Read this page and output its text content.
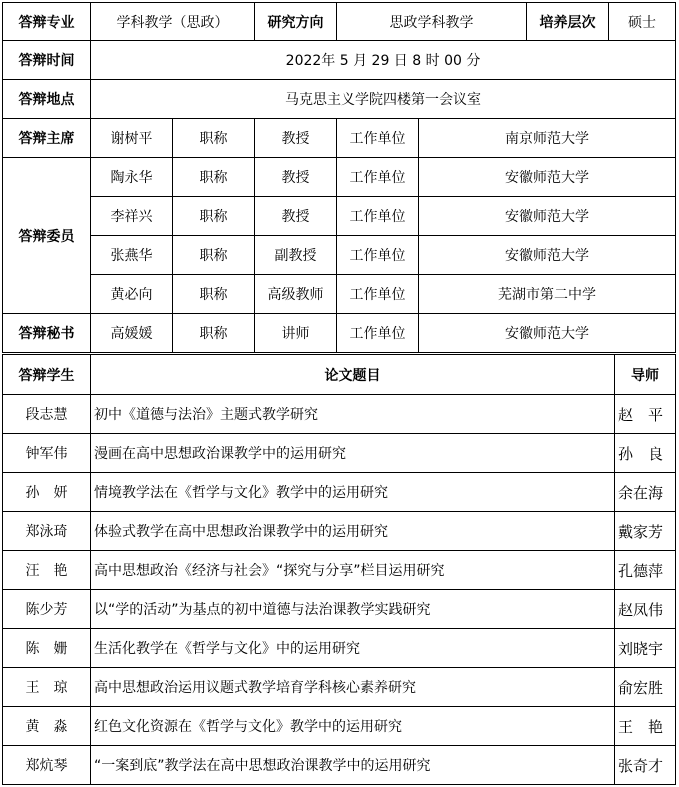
答辩专业	学科教学（思政）		研究方向	思政学科教学		培养层次	硕士
答辩时间	2022年 5 月 29 日 8 时 00 分						
答辩地点	马克思主义学院四楼第一会议室						
答辩主席	谢树平	职称	教授	工作单位	南京师范大学		
答辩委员	陶永华	职称	教授	工作单位	安徽师范大学		
	李祥兴	职称	教授	工作单位	安徽师范大学		
	张燕华	职称	副教授	工作单位	安徽师范大学		
	黄必向	职称	高级教师	工作单位	芜湖市第二中学		
答辩秘书	高媛媛	职称	讲师	工作单位	安徽师范大学		
答辩学生	论文题目	导师
段志慧	初中《道德与法治》主题式教学研究	赵　平
钟军伟	漫画在高中思想政治课教学中的运用研究	孙　良
孙　妍	情境教学法在《哲学与文化》教学中的运用研究	余在海
郑泳琦	体验式教学在高中思想政治课教学中的运用研究	戴家芳
汪　艳	高中思想政治《经济与社会》“探究与分享”栏目运用研究	孔德萍
陈少芳	以“学的活动”为基点的初中道德与法治课教学实践研究	赵凤伟
陈　姗	生活化教学在《哲学与文化》中的运用研究	刘晓宇
王　琼	高中思想政治运用议题式教学培育学科核心素养研究	俞宏胜
黄　淼	红色文化资源在《哲学与文化》教学中的运用研究	王　艳
郑炕琴	“一案到底”教学法在高中思想政治课教学中的运用研究	张奇才
